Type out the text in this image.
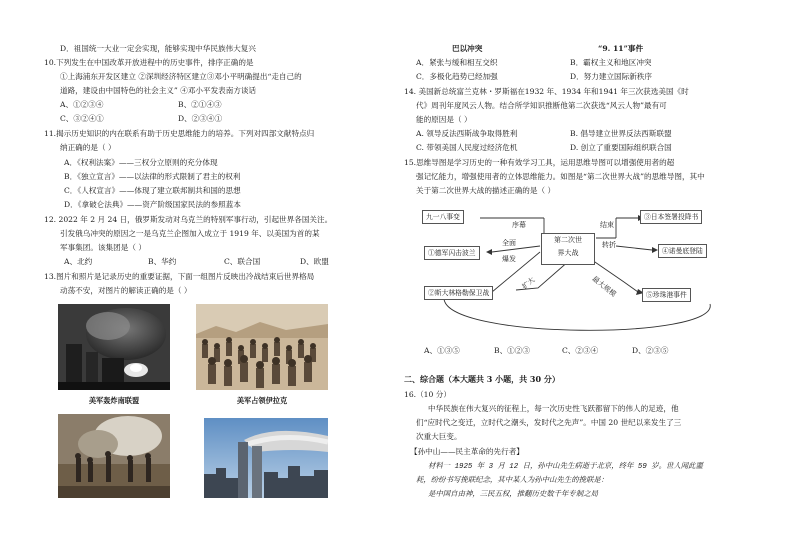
D．祖国统一大业一定会实现，能够实现中华民族伟大复兴
10.下列发生在中国改革开放进程中的历史事件，排序正确的是
①上海浦东开发区建立 ②深圳经济特区建立③邓小平明确提出“走自己的
道路，建设由中国特色的社会主义” ④邓小平发表南方谈话
A、①②③④	B、②①④③
C、③②④①	D、②③④①
11.揭示历史知识的内在联系有助于历史思维能力的培养。下列对四部文献特点归
纳正确的是（ ）
A．《权利法案》——三权分立原则的充分体现
B．《独立宣言》——以法律的形式限制了君主的权利
C．《人权宣言》——体现了建立联邦制共和国的思想
D．《拿破仑法典》——资产阶级国家民法的参照蓝本
12. 2022 年 2 月 24 日，俄罗斯发动对乌克兰的特别军事行动，引起世界各国关注。
引发俄乌冲突的原因之一是乌克兰企图加入成立于 1919 年、以美国为首的某
军事集团。该集团是（ ）
A、北约	B、华约	C、联合国	D、欧盟
13.图片和照片是记录历史的重要证据，下面一组图片反映出冷战结束后世界格局
动荡不安，对图片的解读正确的是（ ）
美军轰炸南联盟	美军占领伊拉克
巴以冲突	“9. 11”事件
A．紧张与缓和相互交织	B．霸权主义和地区冲突
C．多极化趋势已经加强	D．努力建立国际新秩序
14. 美国新总统富兰克林・罗斯福在1932 年、1934 年和1941 年三次获选美国《时
代》周刊年度风云人物。结合所学知识推断他第二次获选“风云人物”最有可
能的原因是（ ）
A. 领导反法西斯战争取得胜利	B. 倡导建立世界反法西斯联盟
C. 带领美国人民度过经济危机	D. 创立了重要国际组织联合国
15.思维导图是学习历史的一种有效学习工具，运用思维导图可以增强使用者的超
强记忆能力，增强使用者的立体思维能力。如图是“第二次世界大战”的思维导图，其中
关于第二次世界大战的描述正确的是（ ）
九一八事变
①德军闪击波兰
②斯大林格勒保卫战
③日本签署投降书
④诺曼底登陆
⑤珍珠港事件
第二次世
界大战
序幕
全面
爆发
结束
转折
扩大	最大规模
A、①③⑤	B、①②③	C、②③④	D、②③⑤
二、综合题（本大题共 3 小题，共 30 分）
16.（10 分）
中华民族在伟大复兴的征程上，每一次历史性飞跃都留下的伟人的足迹，他
们“应时代之变迁，立时代之潮头，发时代之先声”。中国 20 世纪以来发生了三
次重大巨变。
【孙中山——民主革命的先行者】
材料一 1925 年 3 月 12 日，孙中山先生病逝于北京，终年 59 岁。世人闻此噩
耗，纷纷书写挽联纪念，其中某人为孙中山先生的挽联是：
是中国自由神，三民五权，推翻历史数千年专制之局
